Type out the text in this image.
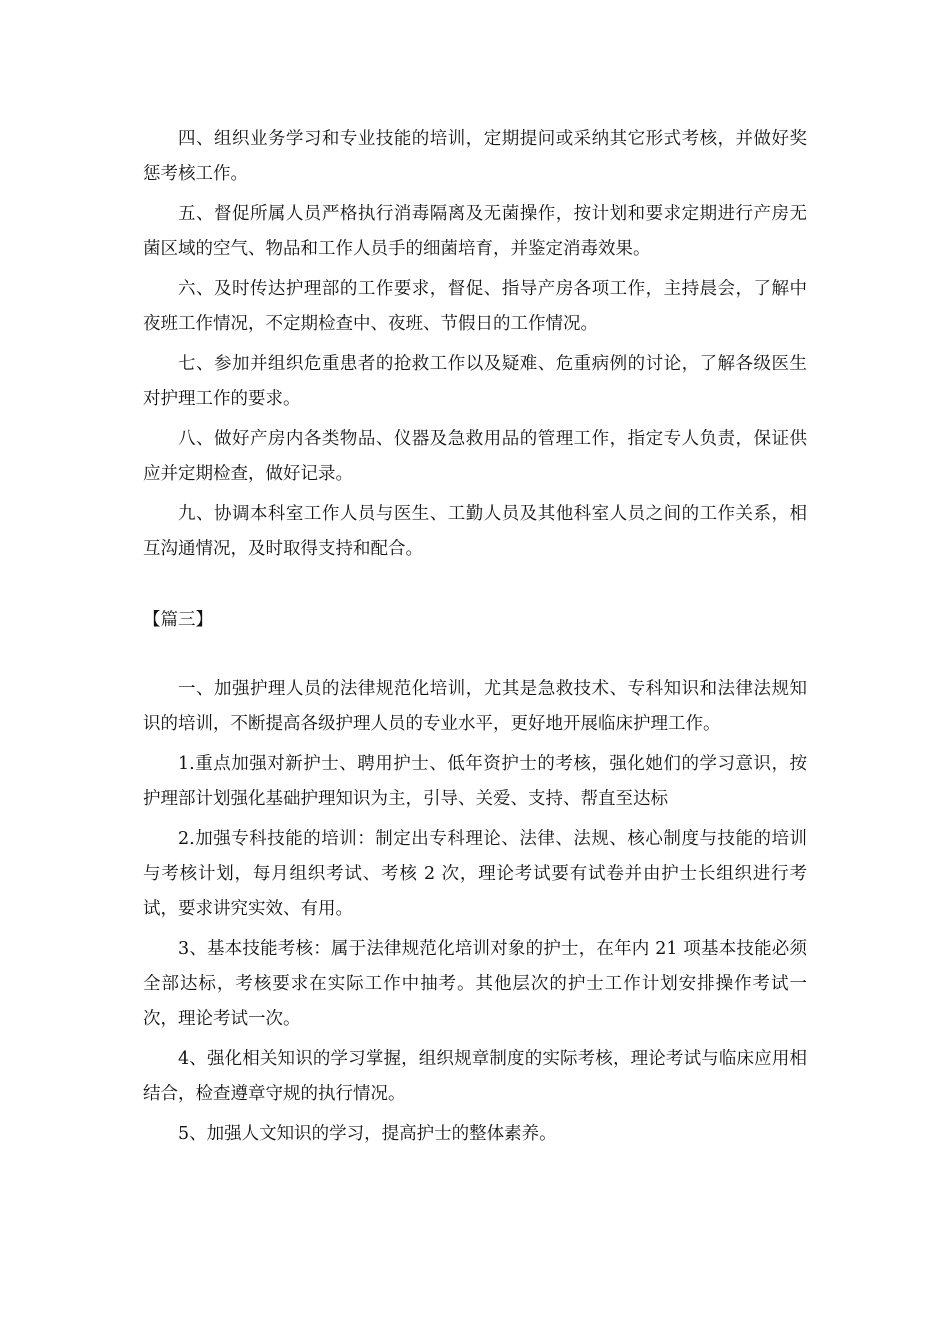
四、组织业务学习和专业技能的培训，定期提问或采纳其它形式考核，并做好奖惩考核工作。

五、督促所属人员严格执行消毒隔离及无菌操作，按计划和要求定期进行产房无菌区域的空气、物品和工作人员手的细菌培育，并鉴定消毒效果。

六、及时传达护理部的工作要求，督促、指导产房各项工作，主持晨会，了解中夜班工作情况，不定期检查中、夜班、节假日的工作情况。

七、参加并组织危重患者的抢救工作以及疑难、危重病例的讨论，了解各级医生对护理工作的要求。

八、做好产房内各类物品、仪器及急救用品的管理工作，指定专人负责，保证供应并定期检查，做好记录。

九、协调本科室工作人员与医生、工勤人员及其他科室人员之间的工作关系，相互沟通情况，及时取得支持和配合。

【篇三】

一、加强护理人员的法律规范化培训，尤其是急救技术、专科知识和法律法规知识的培训，不断提高各级护理人员的专业水平，更好地开展临床护理工作。

1.重点加强对新护士、聘用护士、低年资护士的考核，强化她们的学习意识，按护理部计划强化基础护理知识为主，引导、关爱、支持、帮直至达标

2.加强专科技能的培训：制定出专科理论、法律、法规、核心制度与技能的培训与考核计划，每月组织考试、考核 2 次，理论考试要有试卷并由护士长组织进行考试，要求讲究实效、有用。

3、基本技能考核：属于法律规范化培训对象的护士，在年内 21 项基本技能必须全部达标，考核要求在实际工作中抽考。其他层次的护士工作计划安排操作考试一次，理论考试一次。

4、强化相关知识的学习掌握，组织规章制度的实际考核，理论考试与临床应用相结合，检查遵章守规的执行情况。

5、加强人文知识的学习，提高护士的整体素养。
